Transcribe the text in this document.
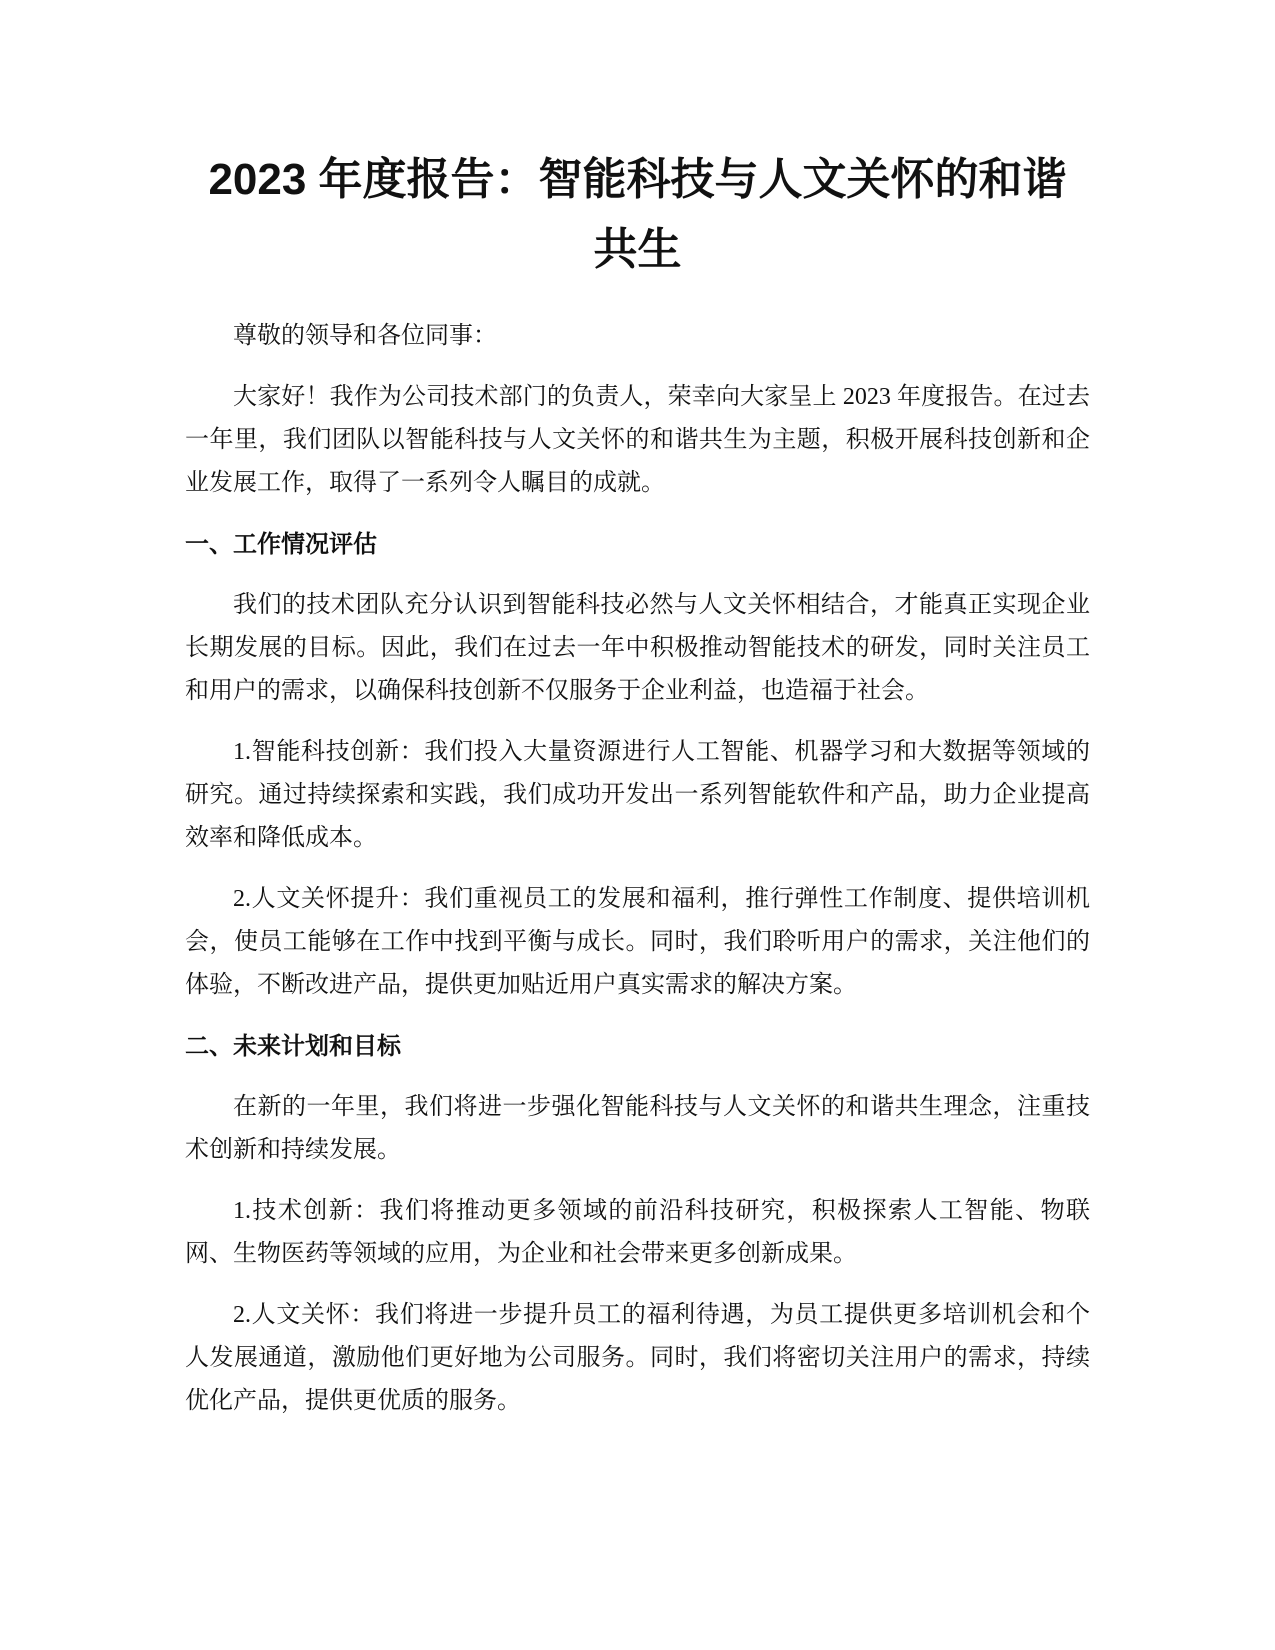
2023 年度报告：智能科技与人文关怀的和谐
共生

尊敬的领导和各位同事：

大家好！我作为公司技术部门的负责人，荣幸向大家呈上 2023 年度报告。在过去一年里，我们团队以智能科技与人文关怀的和谐共生为主题，积极开展科技创新和企业发展工作，取得了一系列令人瞩目的成就。

一、工作情况评估

我们的技术团队充分认识到智能科技必然与人文关怀相结合，才能真正实现企业长期发展的目标。因此，我们在过去一年中积极推动智能技术的研发，同时关注员工和用户的需求，以确保科技创新不仅服务于企业利益，也造福于社会。

1.智能科技创新：我们投入大量资源进行人工智能、机器学习和大数据等领域的研究。通过持续探索和实践，我们成功开发出一系列智能软件和产品，助力企业提高效率和降低成本。

2.人文关怀提升：我们重视员工的发展和福利，推行弹性工作制度、提供培训机会，使员工能够在工作中找到平衡与成长。同时，我们聆听用户的需求，关注他们的体验，不断改进产品，提供更加贴近用户真实需求的解决方案。

二、未来计划和目标

在新的一年里，我们将进一步强化智能科技与人文关怀的和谐共生理念，注重技术创新和持续发展。

1.技术创新：我们将推动更多领域的前沿科技研究，积极探索人工智能、物联网、生物医药等领域的应用，为企业和社会带来更多创新成果。

2.人文关怀：我们将进一步提升员工的福利待遇，为员工提供更多培训机会和个人发展通道，激励他们更好地为公司服务。同时，我们将密切关注用户的需求，持续优化产品，提供更优质的服务。
